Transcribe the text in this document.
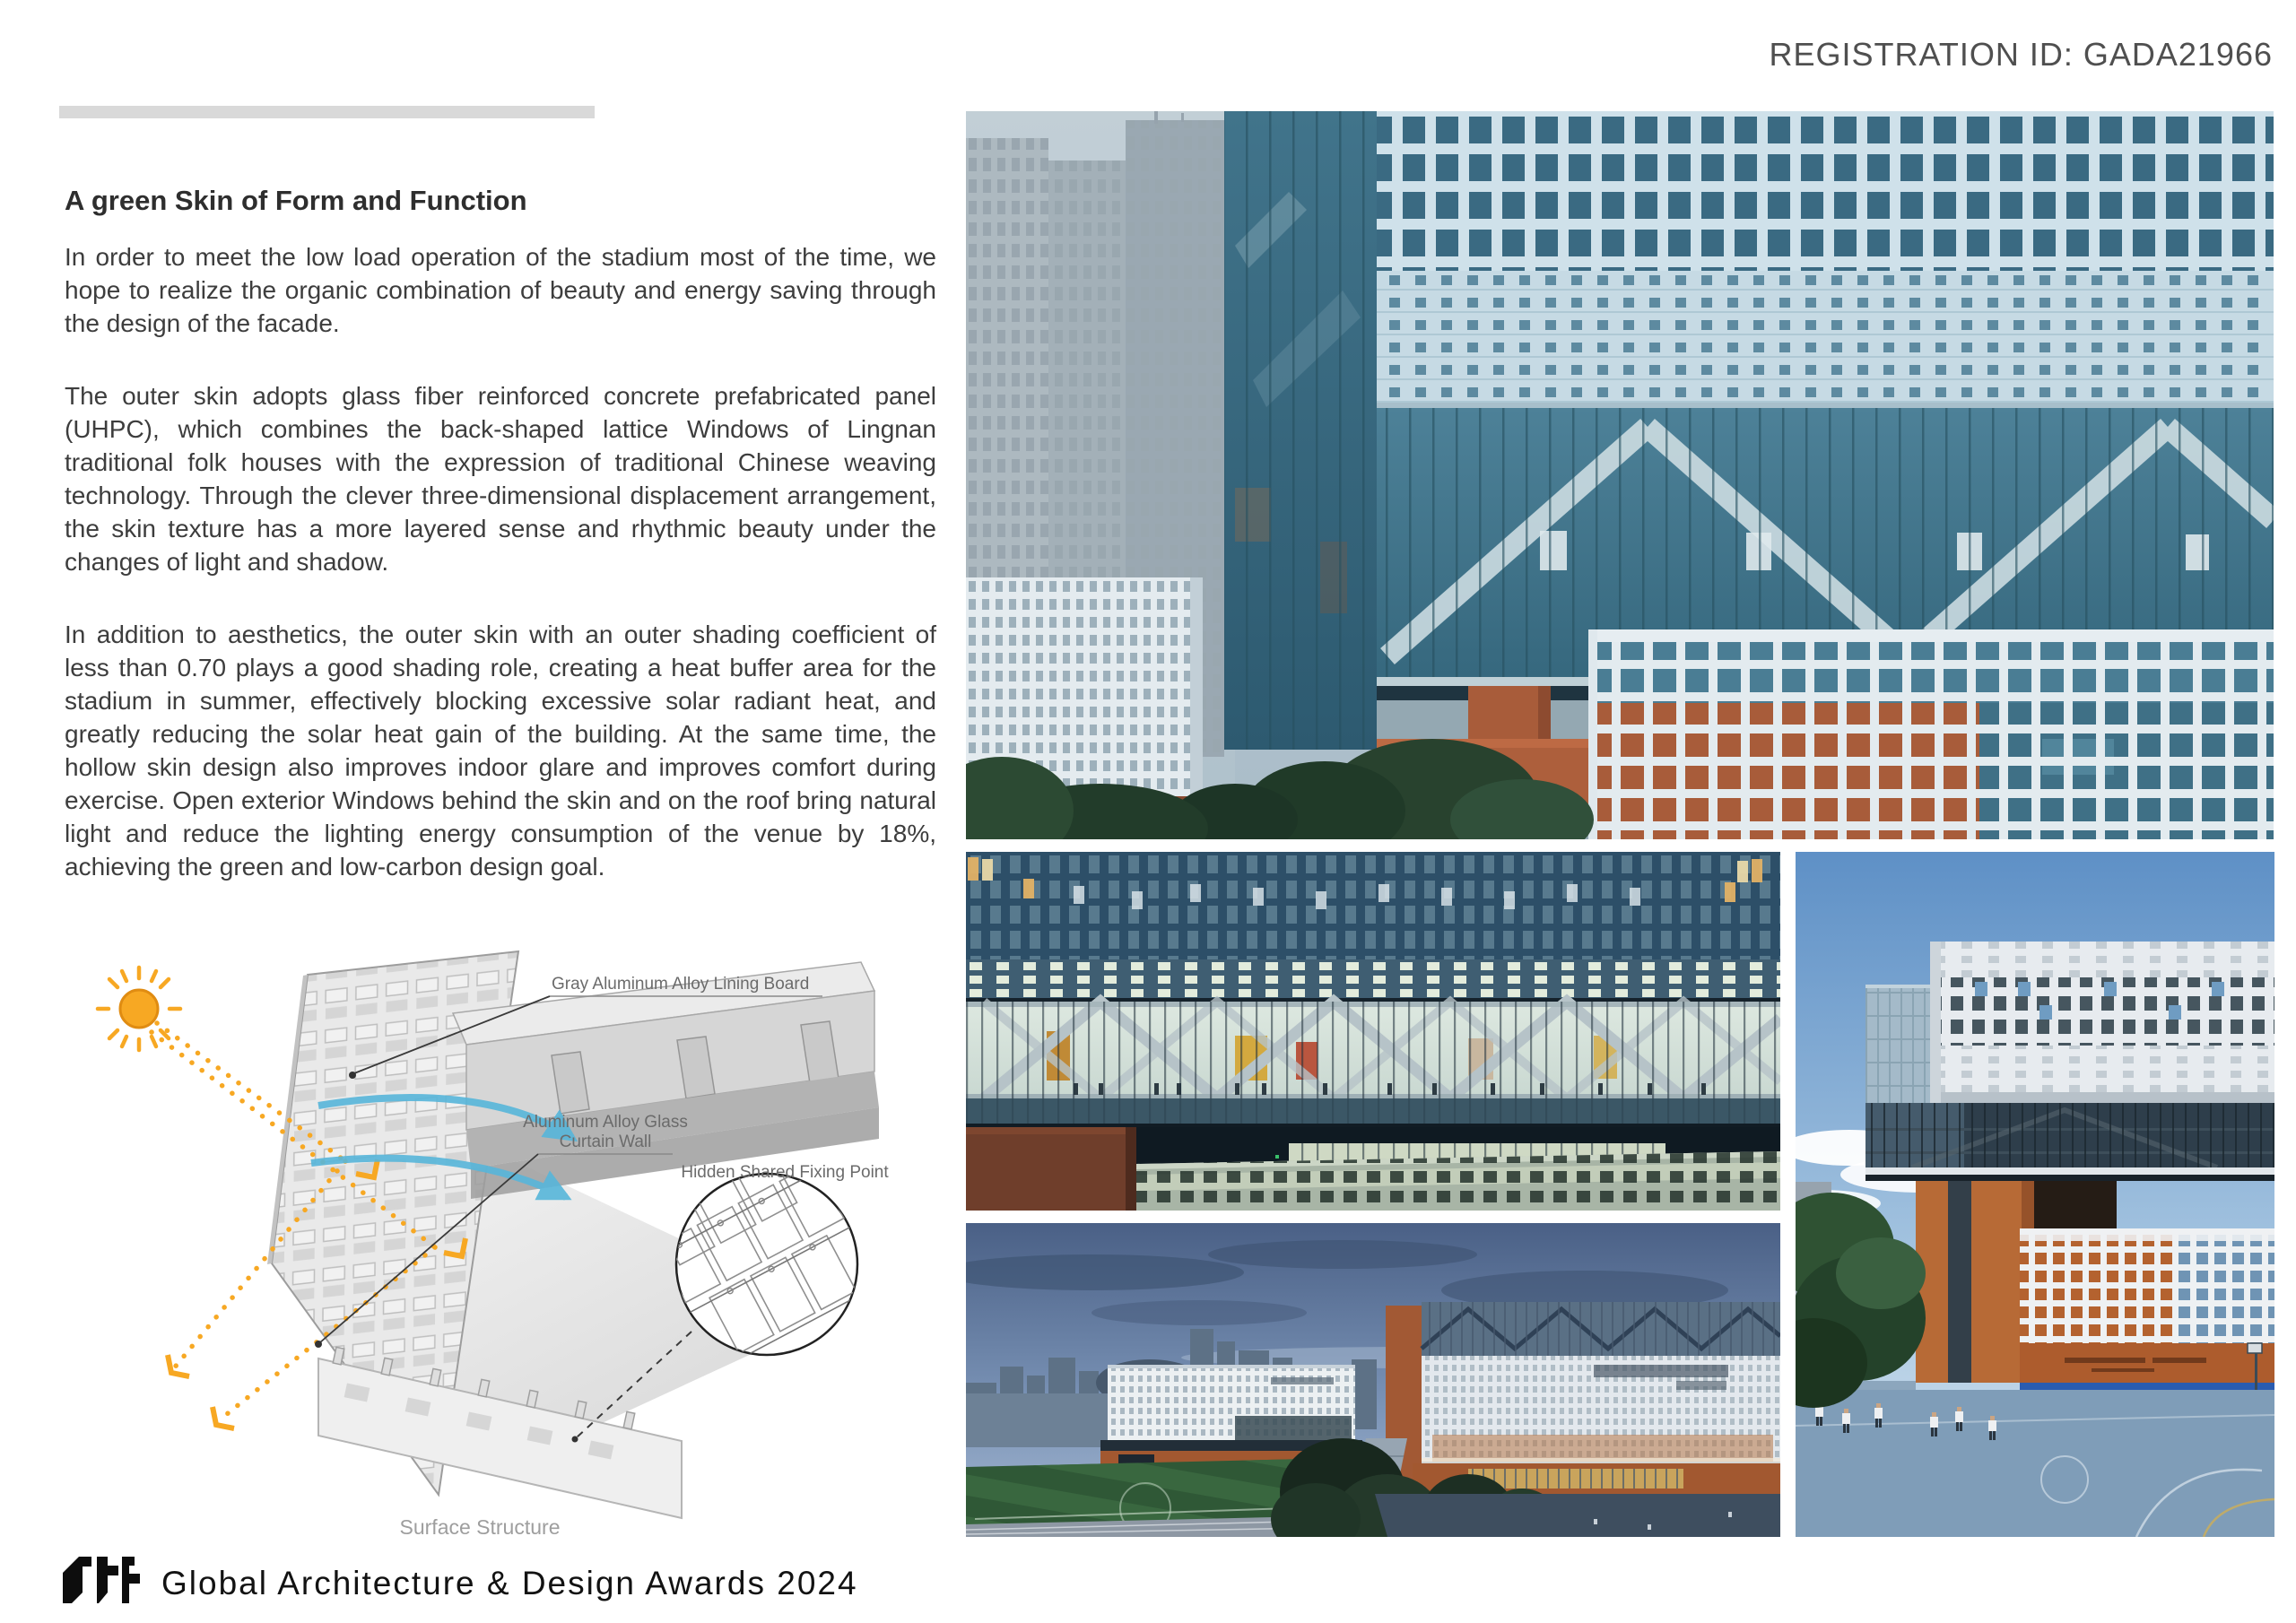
REGISTRATION ID: GADA21966
A green Skin of Form and Function

In order to meet the low load operation of the stadium most of the time, we hope to realize the organic combination of beauty and energy saving through the design of the facade.

The outer skin adopts glass fiber reinforced concrete prefabricated panel (UHPC), which combines the back-shaped lattice Windows of Lingnan traditional folk houses with the expression of traditional Chinese weaving technology. Through the clever three-dimensional displacement arrangement, the skin texture has a more layered sense and rhythmic beauty under the changes of light and shadow.

In addition to aesthetics, the outer skin with an outer shading coefficient of less than 0.70 plays a good shading role, creating a heat buffer area for the stadium in summer, effectively blocking excessive solar radiant heat, and greatly reducing the solar heat gain of the building. At the same time, the hollow skin design also improves indoor glare and improves comfort during exercise. Open exterior Windows behind the skin and on the roof bring natural light and reduce the lighting energy consumption of the venue by 18%, achieving the green and low-carbon design goal.

Gray Aluminum Alloy Lining Board
Aluminum Alloy Glass
Curtain Wall
Hidden Shared Fixing Point
Surface Structure
Global Architecture & Design Awards 2024
